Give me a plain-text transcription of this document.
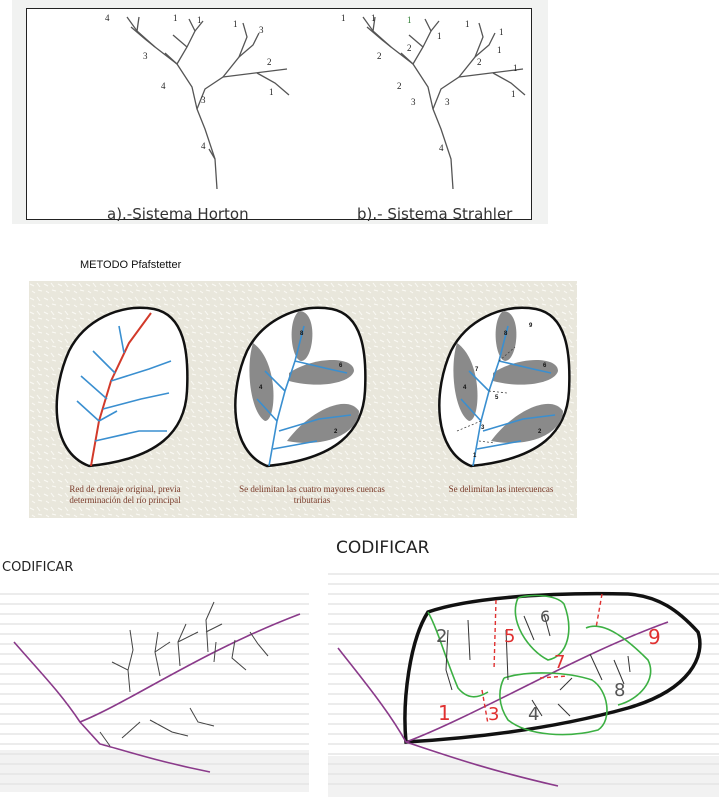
4	1 1
3
1
3
2
1
4
3
4
1	1	1	1
1
2
2
1
1
2
1
1
2
3	3
4
a).-Sistema Horton	b).- Sistema Strahler
METODO Pfafstetter
8
6
4
2
8
9
7
6
4
5
3
2
1
Red de drenaje original, previa determinación del río principal
Se delimitan las cuatro mayores cuencas tributarias
Se delimitan las intercuencas
CODIFICAR
CODIFICAR
2	5
6
7
9
1 3 4
8
